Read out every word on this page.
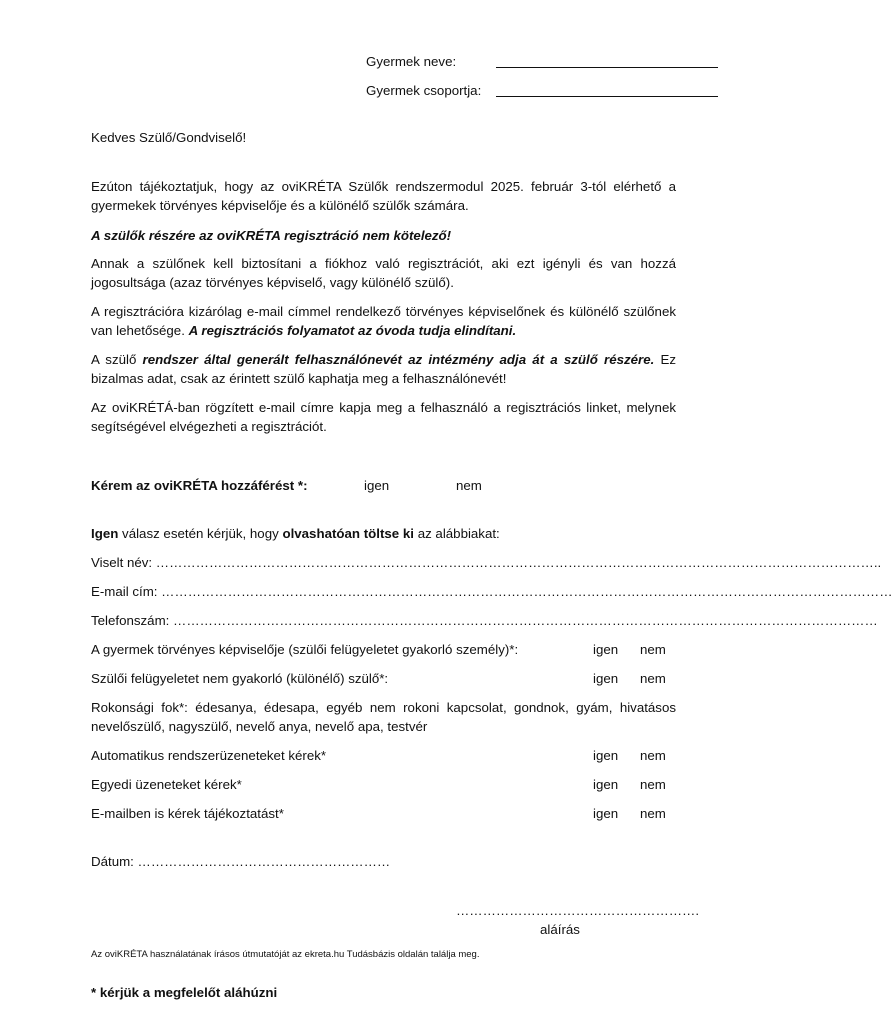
Gyermek neve:
Gyermek csoportja:
Kedves Szülő/Gondviselő!
Ezúton tájékoztatjuk, hogy az oviKRÉTA Szülők rendszermodul 2025. február 3-tól elérhető a gyermekek törvényes képviselője és a különélő szülők számára.
A szülők részére az oviKRÉTA regisztráció nem kötelező!
Annak a szülőnek kell biztosítani a fiókhoz való regisztrációt, aki ezt igényli és van hozzá jogosultsága (azaz törvényes képviselő, vagy különélő szülő).
A regisztrációra kizárólag e-mail címmel rendelkező törvényes képviselőnek és különélő szülőnek van lehetősége. A regisztrációs folyamatot az óvoda tudja elindítani.
A szülő rendszer által generált felhasználónevét az intézmény adja át a szülő részére. Ez bizalmas adat, csak az érintett szülő kaphatja meg a felhasználónevét!
Az oviKRÉTÁ-ban rögzített e-mail címre kapja meg a felhasználó a regisztrációs linket, melynek segítségével elvégezheti a regisztrációt.
Kérem az oviKRÉTA hozzáférést *:	igen	nem
Igen válasz esetén kérjük, hogy olvashatóan töltse ki az alábbiakat:
Viselt név: ………………………………………………………………………………………………………………………………………………..
E-mail cím: …………………………………………………………………………………………………………………………………………………
Telefonszám: ……………………………………………………………………………………………………………………………………………
A gyermek törvényes képviselője (szülői felügyeletet gyakorló személy)*:	igen nem
Szülői felügyeletet nem gyakorló (különélő) szülő*:	igen nem
Rokonsági fok*: édesanya, édesapa, egyéb nem rokoni kapcsolat, gondnok, gyám, hivatásos nevelőszülő, nagyszülő, nevelő anya, nevelő apa, testvér
Automatikus rendszerüzeneteket kérek*	igen nem
Egyedi üzeneteket kérek*	igen nem
E-mailben is kérek tájékoztatást*	igen nem
Dátum: …………………………………………………
……………………………………………….
aláírás
Az oviKRÉTA használatának írásos útmutatóját az ekreta.hu Tudásbázis oldalán találja meg.
* kérjük a megfelelőt aláhúzni
